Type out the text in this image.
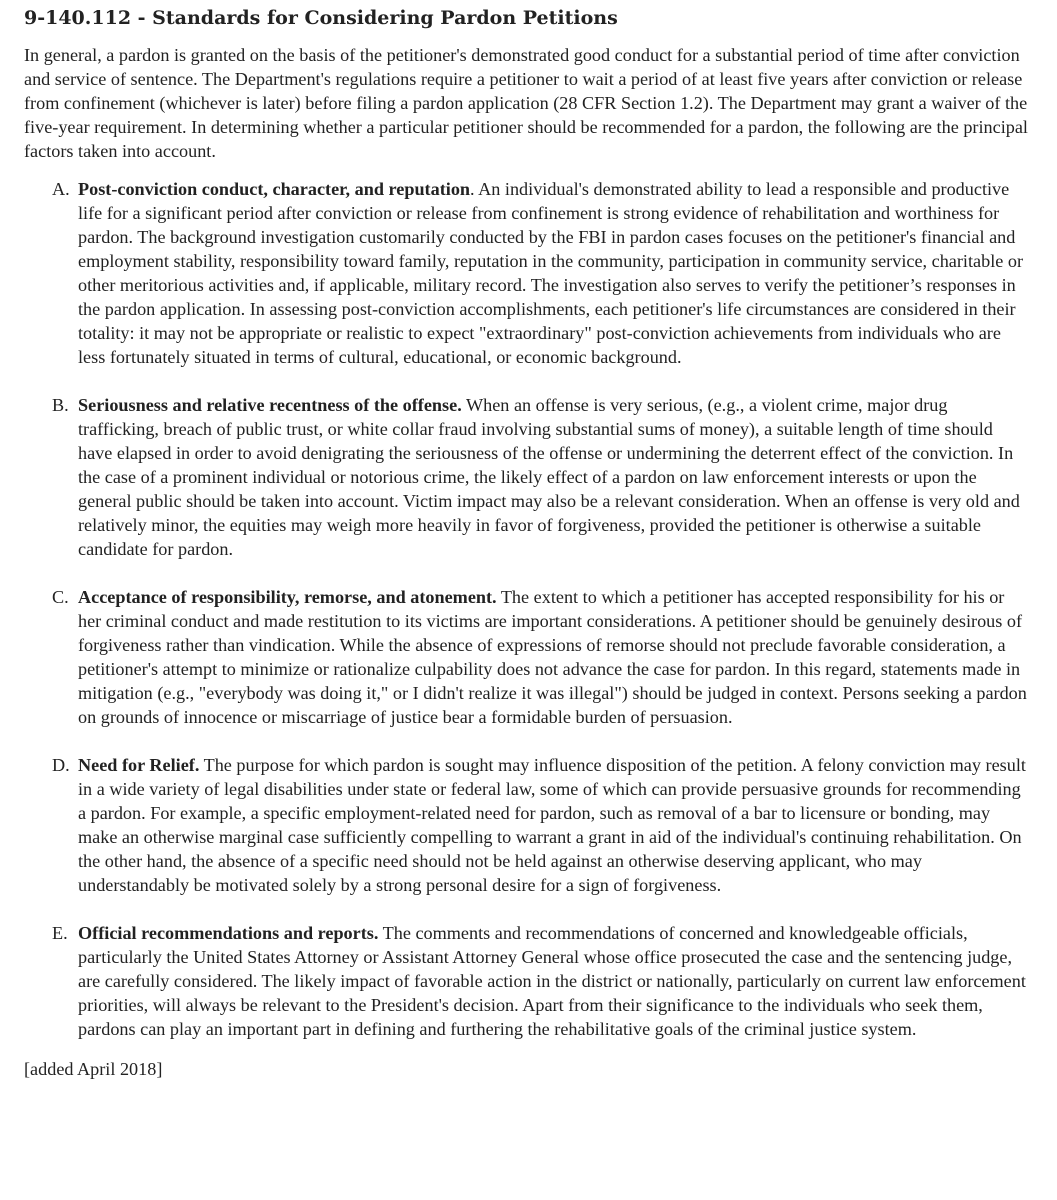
9-140.112 - Standards for Considering Pardon Petitions

In general, a pardon is granted on the basis of the petitioner's demonstrated good conduct for a substantial period of time after conviction and service of sentence. The Department's regulations require a petitioner to wait a period of at least five years after conviction or release from confinement (whichever is later) before filing a pardon application (28 CFR Section 1.2). The Department may grant a waiver of the five-year requirement. In determining whether a particular petitioner should be recommended for a pardon, the following are the principal factors taken into account.

A. Post-conviction conduct, character, and reputation. An individual's demonstrated ability to lead a responsible and productive life for a significant period after conviction or release from confinement is strong evidence of rehabilitation and worthiness for pardon. The background investigation customarily conducted by the FBI in pardon cases focuses on the petitioner's financial and employment stability, responsibility toward family, reputation in the community, participation in community service, charitable or other meritorious activities and, if applicable, military record. The investigation also serves to verify the petitioner’s responses in the pardon application. In assessing post-conviction accomplishments, each petitioner's life circumstances are considered in their totality: it may not be appropriate or realistic to expect "extraordinary" post-conviction achievements from individuals who are less fortunately situated in terms of cultural, educational, or economic background.
B. Seriousness and relative recentness of the offense. When an offense is very serious, (e.g., a violent crime, major drug trafficking, breach of public trust, or white collar fraud involving substantial sums of money), a suitable length of time should have elapsed in order to avoid denigrating the seriousness of the offense or undermining the deterrent effect of the conviction. In the case of a prominent individual or notorious crime, the likely effect of a pardon on law enforcement interests or upon the general public should be taken into account. Victim impact may also be a relevant consideration. When an offense is very old and relatively minor, the equities may weigh more heavily in favor of forgiveness, provided the petitioner is otherwise a suitable candidate for pardon.
C. Acceptance of responsibility, remorse, and atonement. The extent to which a petitioner has accepted responsibility for his or her criminal conduct and made restitution to its victims are important considerations. A petitioner should be genuinely desirous of forgiveness rather than vindication. While the absence of expressions of remorse should not preclude favorable consideration, a petitioner's attempt to minimize or rationalize culpability does not advance the case for pardon. In this regard, statements made in mitigation (e.g., "everybody was doing it," or I didn't realize it was illegal") should be judged in context. Persons seeking a pardon on grounds of innocence or miscarriage of justice bear a formidable burden of persuasion.
D. Need for Relief. The purpose for which pardon is sought may influence disposition of the petition. A felony conviction may result in a wide variety of legal disabilities under state or federal law, some of which can provide persuasive grounds for recommending a pardon. For example, a specific employment-related need for pardon, such as removal of a bar to licensure or bonding, may make an otherwise marginal case sufficiently compelling to warrant a grant in aid of the individual's continuing rehabilitation. On the other hand, the absence of a specific need should not be held against an otherwise deserving applicant, who may understandably be motivated solely by a strong personal desire for a sign of forgiveness.
E. Official recommendations and reports. The comments and recommendations of concerned and knowledgeable officials, particularly the United States Attorney or Assistant Attorney General whose office prosecuted the case and the sentencing judge, are carefully considered. The likely impact of favorable action in the district or nationally, particularly on current law enforcement priorities, will always be relevant to the President's decision. Apart from their significance to the individuals who seek them, pardons can play an important part in defining and furthering the rehabilitative goals of the criminal justice system.

[added April 2018]
